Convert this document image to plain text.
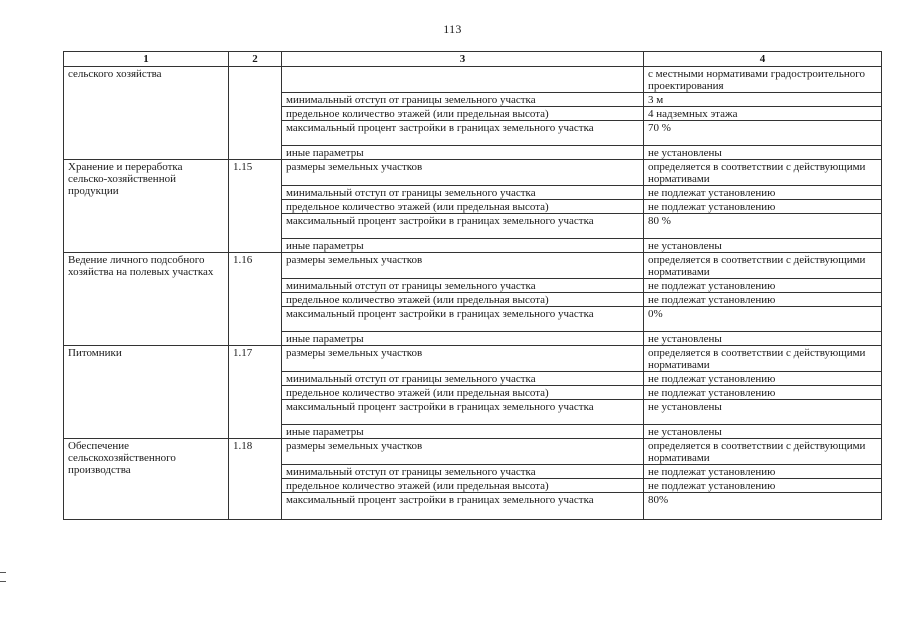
113
1	2	3	4
сельского хозяйства			с местными нормативами градостроительного проектирования
		минимальный отступ от границы земельного участка	3 м
		предельное количество этажей (или предельная высота)	4 надземных этажа
		максимальный процент застройки в границах земельного участка	70 %
		иные параметры	не установлены
Хранение и переработка сельско-хозяйственной продукции	1.15	размеры земельных участков	определяется в соответствии с действующими нормативами
		минимальный отступ от границы земельного участка	не подлежат установлению
		предельное количество этажей (или предельная высота)	не подлежат установлению
		максимальный процент застройки в границах земельного участка	80 %
		иные параметры	не установлены
Ведение личного подсобного хозяйства на полевых участках	1.16	размеры земельных участков	определяется в соответствии с действующими нормативами
		минимальный отступ от границы земельного участка	не подлежат установлению
		предельное количество этажей (или предельная высота)	не подлежат установлению
		максимальный процент застройки в границах земельного участка	0%
		иные параметры	не установлены
Питомники	1.17	размеры земельных участков	определяется в соответствии с действующими нормативами
		минимальный отступ от границы земельного участка	не подлежат установлению
		предельное количество этажей (или предельная высота)	не подлежат установлению
		максимальный процент застройки в границах земельного участка	не установлены
		иные параметры	не установлены
Обеспечение сельскохозяйственного производства	1.18	размеры земельных участков	определяется в соответствии с действующими нормативами
		минимальный отступ от границы земельного участка	не подлежат установлению
		предельное количество этажей (или предельная высота)	не подлежат установлению
		максимальный процент застройки в границах земельного участка	80%
